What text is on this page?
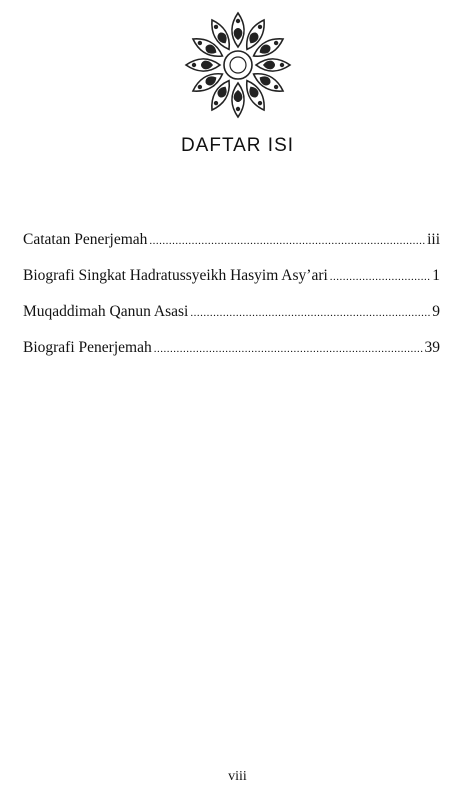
DAFTAR ISI
Catatan Penerjemah .....	iii
Biografi Singkat Hadratussyeikh Hasyim Asy’ari .....	1
Muqaddimah Qanun Asasi .....	9
Biografi Penerjemah .....	39
viii
